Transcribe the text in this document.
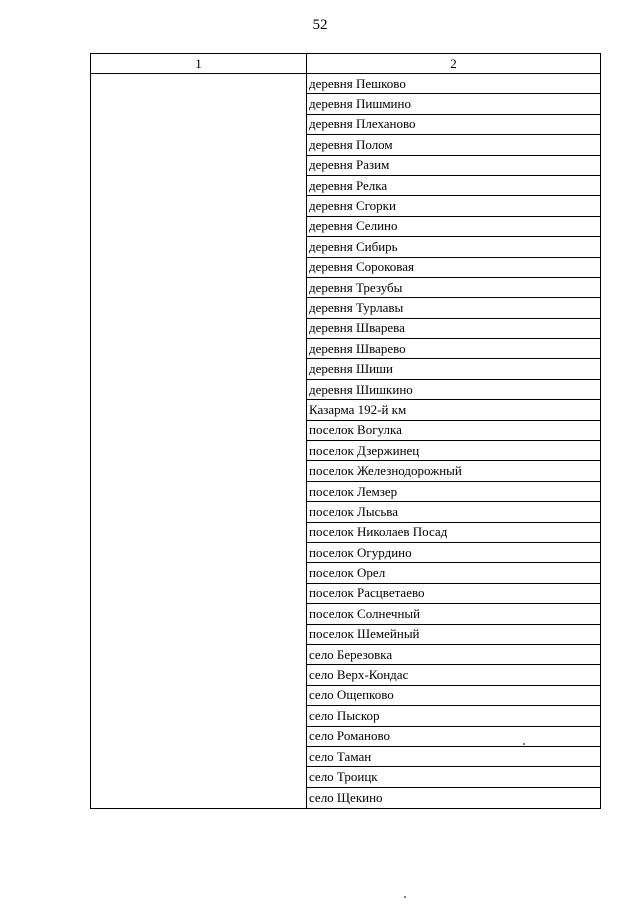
52
1	2
деревня Пешково
деревня Пишмино
деревня Плеханово
деревня Полом
деревня Разим
деревня Релка
деревня Сгорки
деревня Селино
деревня Сибирь
деревня Сороковая
деревня Трезубы
деревня Турлавы
деревня Шварева
деревня Шварево
деревня Шиши
деревня Шишкино
Казарма 192-й км
поселок Вогулка
поселок Дзержинец
поселок Железнодорожный
поселок Лемзер
поселок Лысьва
поселок Николаев Посад
поселок Огурдино
поселок Орел
поселок Расцветаево
поселок Солнечный
поселок Шемейный
село Березовка
село Верх-Кондас
село Ощепково
село Пыскор
село Романово
село Таман
село Троицк
село Щекино
